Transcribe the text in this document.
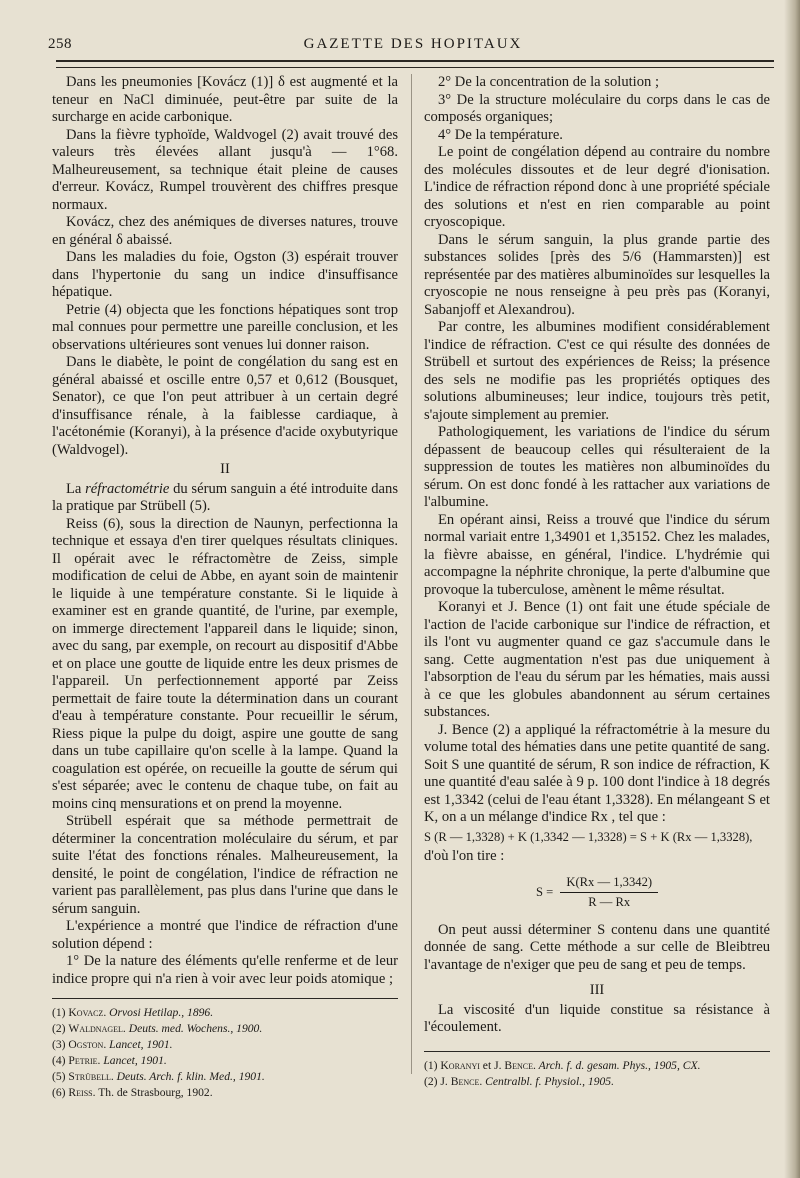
258	GAZETTE DES HOPITAUX

Dans les pneumonies [Kovácz (1)] δ est augmenté et la teneur en NaCl diminuée, peut-être par suite de la surcharge en acide carbonique.

Dans la fièvre typhoïde, Waldvogel (2) avait trouvé des valeurs très élevées allant jusqu'à — 1°68. Malheureusement, sa technique était pleine de causes d'erreur. Kovácz, Rumpel trouvèrent des chiffres presque normaux.

Kovácz, chez des anémiques de diverses natures, trouve en général δ abaissé.

Dans les maladies du foie, Ogston (3) espérait trouver dans l'hypertonie du sang un indice d'insuffisance hépatique.

Petrie (4) objecta que les fonctions hépatiques sont trop mal connues pour permettre une pareille conclusion, et les observations ultérieures sont venues lui donner raison.

Dans le diabète, le point de congélation du sang est en général abaissé et oscille entre 0,57 et 0,612 (Bousquet, Senator), ce que l'on peut attribuer à un certain degré d'insuffisance rénale, à la faiblesse cardiaque, à l'acétonémie (Koranyi), à la présence d'acide oxybutyrique (Waldvogel).

II

La réfractométrie du sérum sanguin a été introduite dans la pratique par Strübell (5).

Reiss (6), sous la direction de Naunyn, perfectionna la technique et essaya d'en tirer quelques résultats cliniques. Il opérait avec le réfractomètre de Zeiss, simple modification de celui de Abbe, en ayant soin de maintenir le liquide à une température constante. Si le liquide à examiner est en grande quantité, de l'urine, par exemple, on immerge directement l'appareil dans le liquide; sinon, avec du sang, par exemple, on recourt au dispositif d'Abbe et on place une goutte de liquide entre les deux prismes de l'appareil. Un perfectionnement apporté par Zeiss permettait de faire toute la détermination dans un courant d'eau à température constante. Pour recueillir le sérum, Riess pique la pulpe du doigt, aspire une goutte de sang dans un tube capillaire qu'on scelle à la lampe. Quand la coagulation est opérée, on recueille la goutte de sérum qui s'est séparée; avec le contenu de chaque tube, on fait au moins cinq mensurations et on prend la moyenne.

Strübell espérait que sa méthode permettrait de déterminer la concentration moléculaire du sérum, et par suite l'état des fonctions rénales. Malheureusement, la densité, le point de congélation, l'indice de réfraction ne varient pas parallèlement, pas plus dans l'urine que dans le sérum sanguin.

L'expérience a montré que l'indice de réfraction d'une solution dépend :

1° De la nature des éléments qu'elle renferme et de leur indice propre qui n'a rien à voir avec leur poids atomique ;

(1) Kovacz. Orvosi Hetilap., 1896.

(2) Waldnagel. Deuts. med. Wochens., 1900.

(3) Ogston. Lancet, 1901.

(4) Petrie. Lancet, 1901.

(5) Strübell. Deuts. Arch. f. klin. Med., 1901.

(6) Reiss. Th. de Strasbourg, 1902.

2° De la concentration de la solution ;

3° De la structure moléculaire du corps dans le cas de composés organiques;

4° De la température.

Le point de congélation dépend au contraire du nombre des molécules dissoutes et de leur degré d'ionisation. L'indice de réfraction répond donc à une propriété spéciale des solutions et n'est en rien comparable au point cryoscopique.

Dans le sérum sanguin, la plus grande partie des substances solides [près des 5/6 (Hammarsten)] est représentée par des matières albuminoïdes sur lesquelles la cryoscopie ne nous renseigne à peu près pas (Koranyi, Sabanjoff et Alexandrou).

Par contre, les albumines modifient considérablement l'indice de réfraction. C'est ce qui résulte des données de Strübell et surtout des expériences de Reiss; la présence des sels ne modifie pas les propriétés optiques des solutions albumineuses; leur indice, toujours très petit, s'ajoute simplement au premier.

Pathologiquement, les variations de l'indice du sérum dépassent de beaucoup celles qui résulteraient de la suppression de toutes les matières non albuminoïdes du sérum. On est donc fondé à les rattacher aux variations de l'albumine.

En opérant ainsi, Reiss a trouvé que l'indice du sérum normal variait entre 1,34901 et 1,35152. Chez les malades, la fièvre abaisse, en général, l'indice. L'hydrémie qui accompagne la néphrite chronique, la perte d'albumine que provoque la tuberculose, amènent le même résultat.

Koranyi et J. Bence (1) ont fait une étude spéciale de l'action de l'acide carbonique sur l'indice de réfraction, et ils l'ont vu augmenter quand ce gaz s'accumule dans le sang. Cette augmentation n'est pas due uniquement à l'absorption de l'eau du sérum par les hématies, mais aussi à ce que les globules abandonnent au sérum certaines substances.

J. Bence (2) a appliqué la réfractométrie à la mesure du volume total des hématies dans une petite quantité de sang. Soit S une quantité de sérum, R son indice de réfraction, K une quantité d'eau salée à 9 p. 100 dont l'indice à 18 degrés est 1,3342 (celui de l'eau étant 1,3328). En mélangeant S et K, on a un mélange d'indice Rx , tel que :

S (R — 1,3328) + K (1,3342 — 1,3328) = S + K (Rx — 1,3328),

d'où l'on tire :

$S = \frac{K(Rx — 1,3342)}{R — Rx}$

On peut aussi déterminer S contenu dans une quantité donnée de sang. Cette méthode a sur celle de Bleibtreu l'avantage de n'exiger que peu de sang et peu de temps.

III

La viscosité d'un liquide constitue sa résistance à l'écoulement.

(1) Koranyi et J. Bence. Arch. f. d. gesam. Phys., 1905, CX.

(2) J. Bence. Centralbl. f. Physiol., 1905.
